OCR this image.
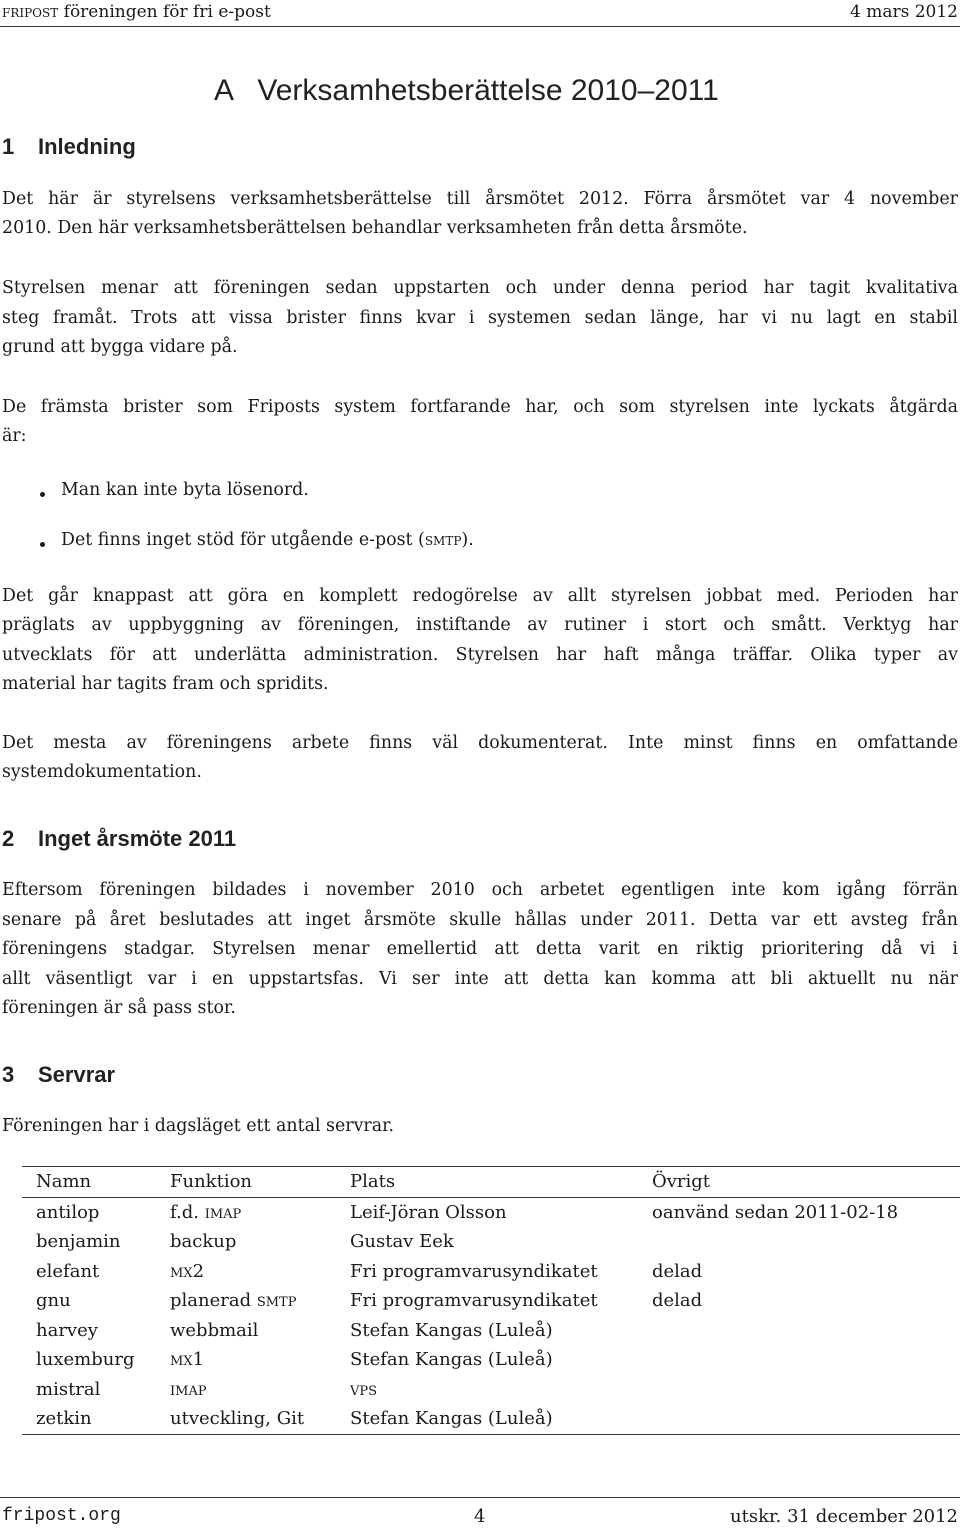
fripost föreningen för fri e-post	4 mars 2012
A   Verksamhetsberättelse 2010–2011
1 Inledning
Det här är styrelsens verksamhetsberättelse till årsmötet 2012. Förra årsmötet var 4 november
2010. Den här verksamhetsberättelsen behandlar verksamheten från detta årsmöte.
Styrelsen menar att föreningen sedan uppstarten och under denna period har tagit kvalitativa
steg framåt. Trots att vissa brister finns kvar i systemen sedan länge, har vi nu lagt en stabil
grund att bygga vidare på.
De främsta brister som Friposts system fortfarande har, och som styrelsen inte lyckats åtgärda
är:
Man kan inte byta lösenord.
Det finns inget stöd för utgående e-post (smtp).
Det går knappast att göra en komplett redogörelse av allt styrelsen jobbat med. Perioden har
präglats av uppbyggning av föreningen, instiftande av rutiner i stort och smått. Verktyg har
utvecklats för att underlätta administration. Styrelsen har haft många träffar. Olika typer av
material har tagits fram och spridits.
Det mesta av föreningens arbete finns väl dokumenterat. Inte minst finns en omfattande
systemdokumentation.
2 Inget årsmöte 2011
Eftersom föreningen bildades i november 2010 och arbetet egentligen inte kom igång förrän
senare på året beslutades att inget årsmöte skulle hållas under 2011. Detta var ett avsteg från
föreningens stadgar. Styrelsen menar emellertid att detta varit en riktig prioritering då vi i
allt väsentligt var i en uppstartsfas. Vi ser inte att detta kan komma att bli aktuellt nu när
föreningen är så pass stor.
3 Servrar
Föreningen har i dagsläget ett antal servrar.
Namn	Funktion	Plats	Övrigt
antilop	f.d. imap	Leif-Jöran Olsson	oanvänd sedan 2011-02-18
benjamin	backup	Gustav Eek	
elefant	mx2	Fri programvarusyndikatet	delad
gnu	planerad smtp	Fri programvarusyndikatet	delad
harvey	webbmail	Stefan Kangas (Luleå)	
luxemburg	mx1	Stefan Kangas (Luleå)	
mistral	imap	vps	
zetkin	utveckling, Git	Stefan Kangas (Luleå)	
fripost.org	4	utskr. 31 december 2012
